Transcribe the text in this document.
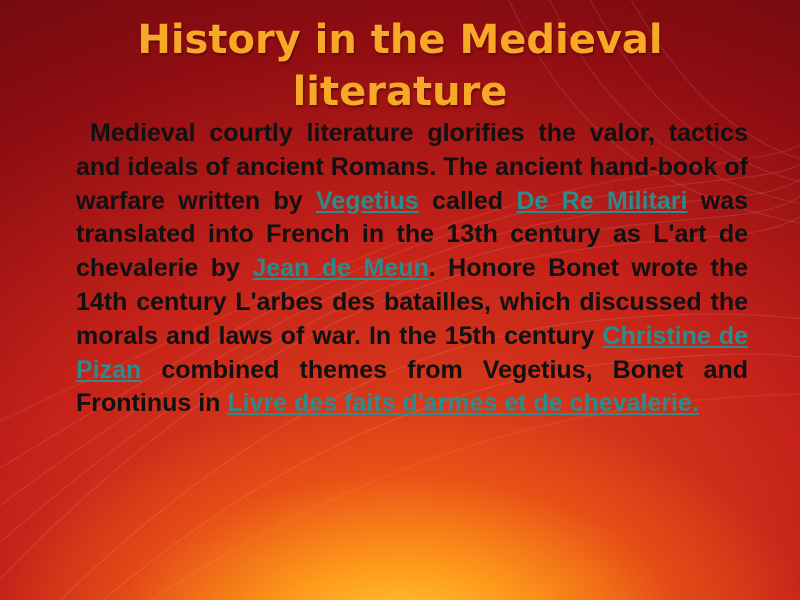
History in the Medieval literature

Medieval courtly literature glorifies the valor, tactics and ideals of ancient Romans. The ancient hand-book of warfare written by Vegetius called De Re Militari was translated into French in the 13th century as L'art de chevalerie by Jean de Meun. Honore Bonet wrote the 14th century L'arbes des batailles, which discussed the morals and laws of war. In the 15th century Christine de Pizan combined themes from Vegetius, Bonet and Frontinus in Livre des faits d'armes et de chevalerie.
